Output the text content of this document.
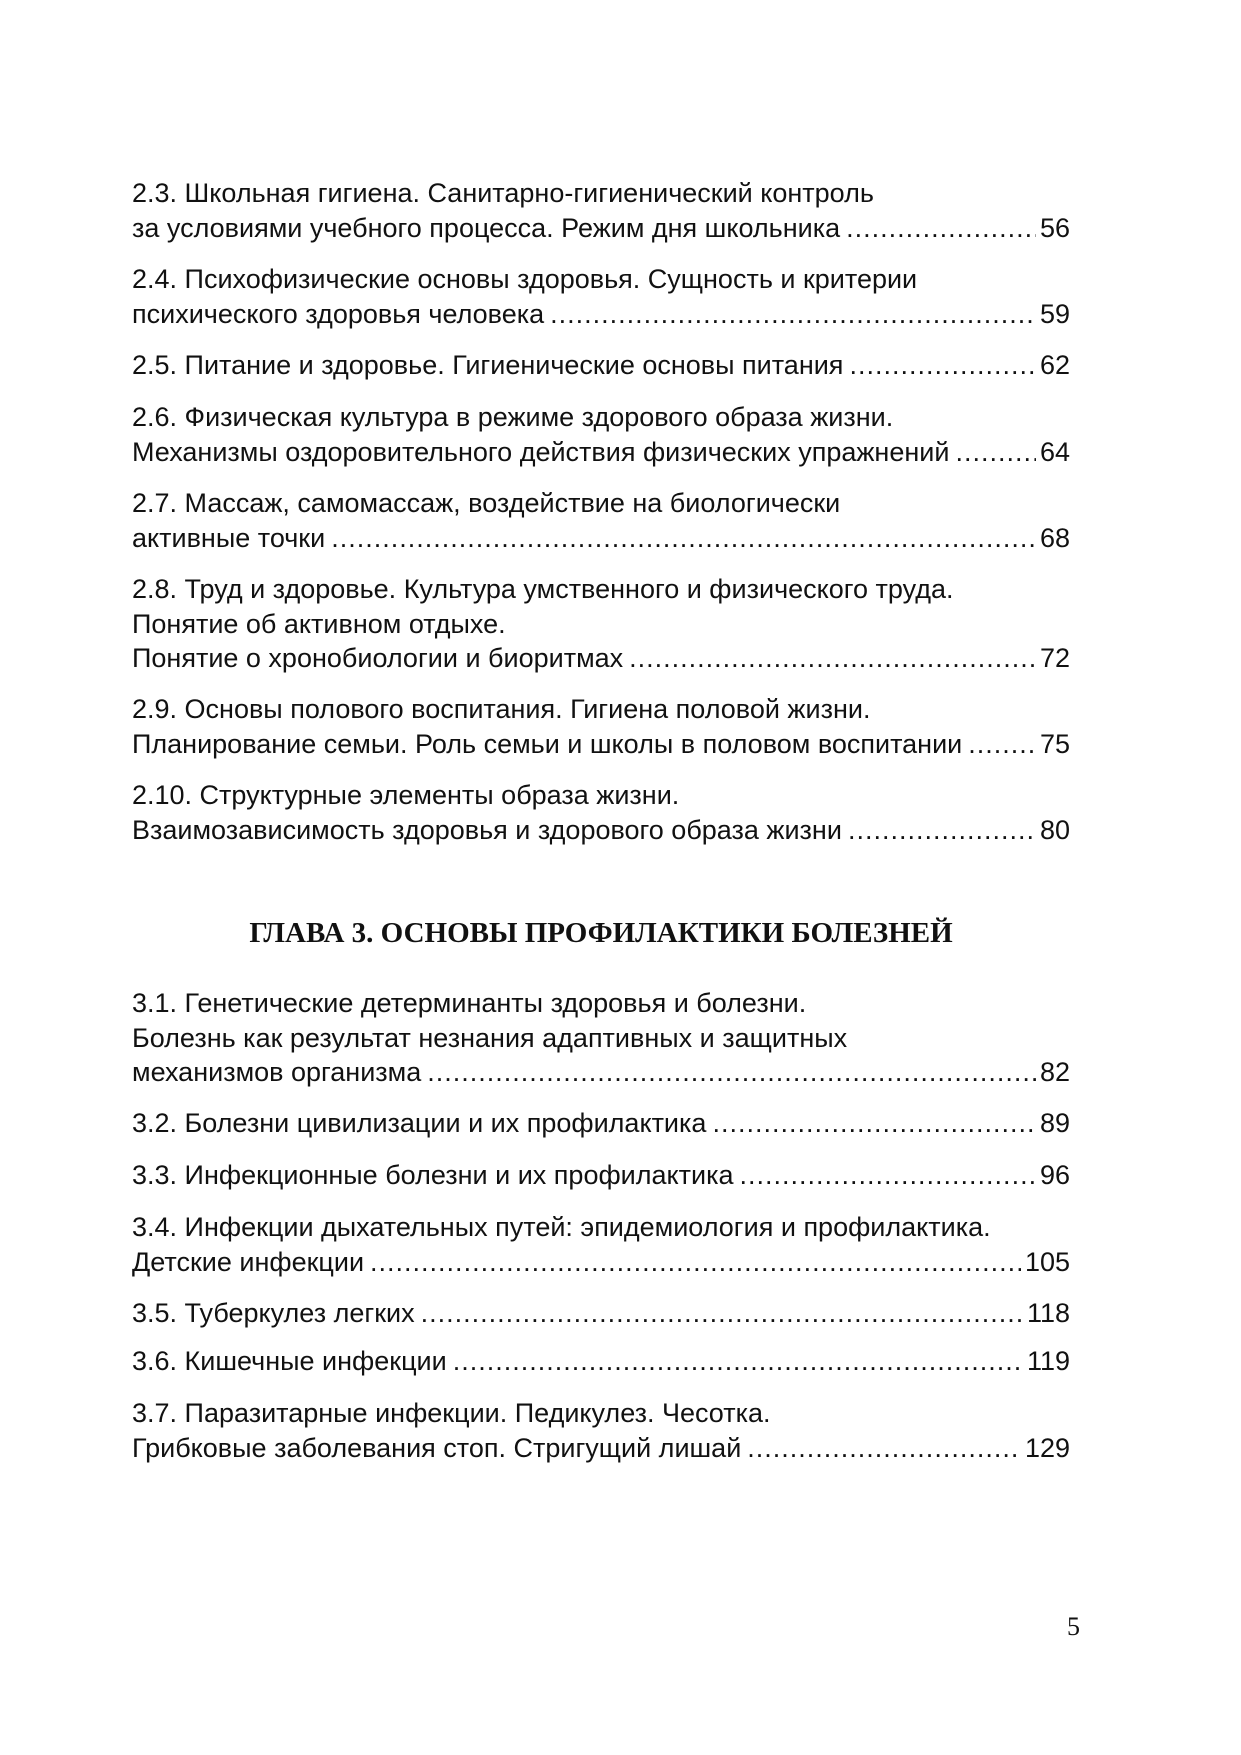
2.3. Школьная гигиена. Санитарно-гигиенический контроль
за условиями учебного процесса. Режим дня школьника .....	56
2.4. Психофизические основы здоровья. Сущность и критерии
психического здоровья человека .....	59
2.5. Питание и здоровье. Гигиенические основы питания .....	62
2.6. Физическая культура в режиме здорового образа жизни.
Механизмы оздоровительного действия физических упражнений .....	64
2.7. Массаж, самомассаж, воздействие на биологически
активные точки .....	68
2.8. Труд и здоровье. Культура умственного и физического труда.
Понятие об активном отдыхе.
Понятие о хронобиологии и биоритмах .....	72
2.9. Основы полового воспитания. Гигиена половой жизни.
Планирование семьи. Роль семьи и школы в половом воспитании .....	75
2.10. Структурные элементы образа жизни.
Взаимозависимость здоровья и здорового образа жизни .....	80
ГЛАВА 3. ОСНОВЫ ПРОФИЛАКТИКИ БОЛЕЗНЕЙ
3.1. Генетические детерминанты здоровья и болезни.
Болезнь как результат незнания адаптивных и защитных
механизмов организма .....	82
3.2. Болезни цивилизации и их профилактика .....	89
3.3. Инфекционные болезни и их профилактика .....	96
3.4. Инфекции дыхательных путей: эпидемиология и профилактика.
Детские инфекции .....	105
3.5. Туберкулез легких .....	118
3.6. Кишечные инфекции .....	119
3.7. Паразитарные инфекции. Педикулез. Чесотка.
Грибковые заболевания стоп. Стригущий лишай .....	129
5
